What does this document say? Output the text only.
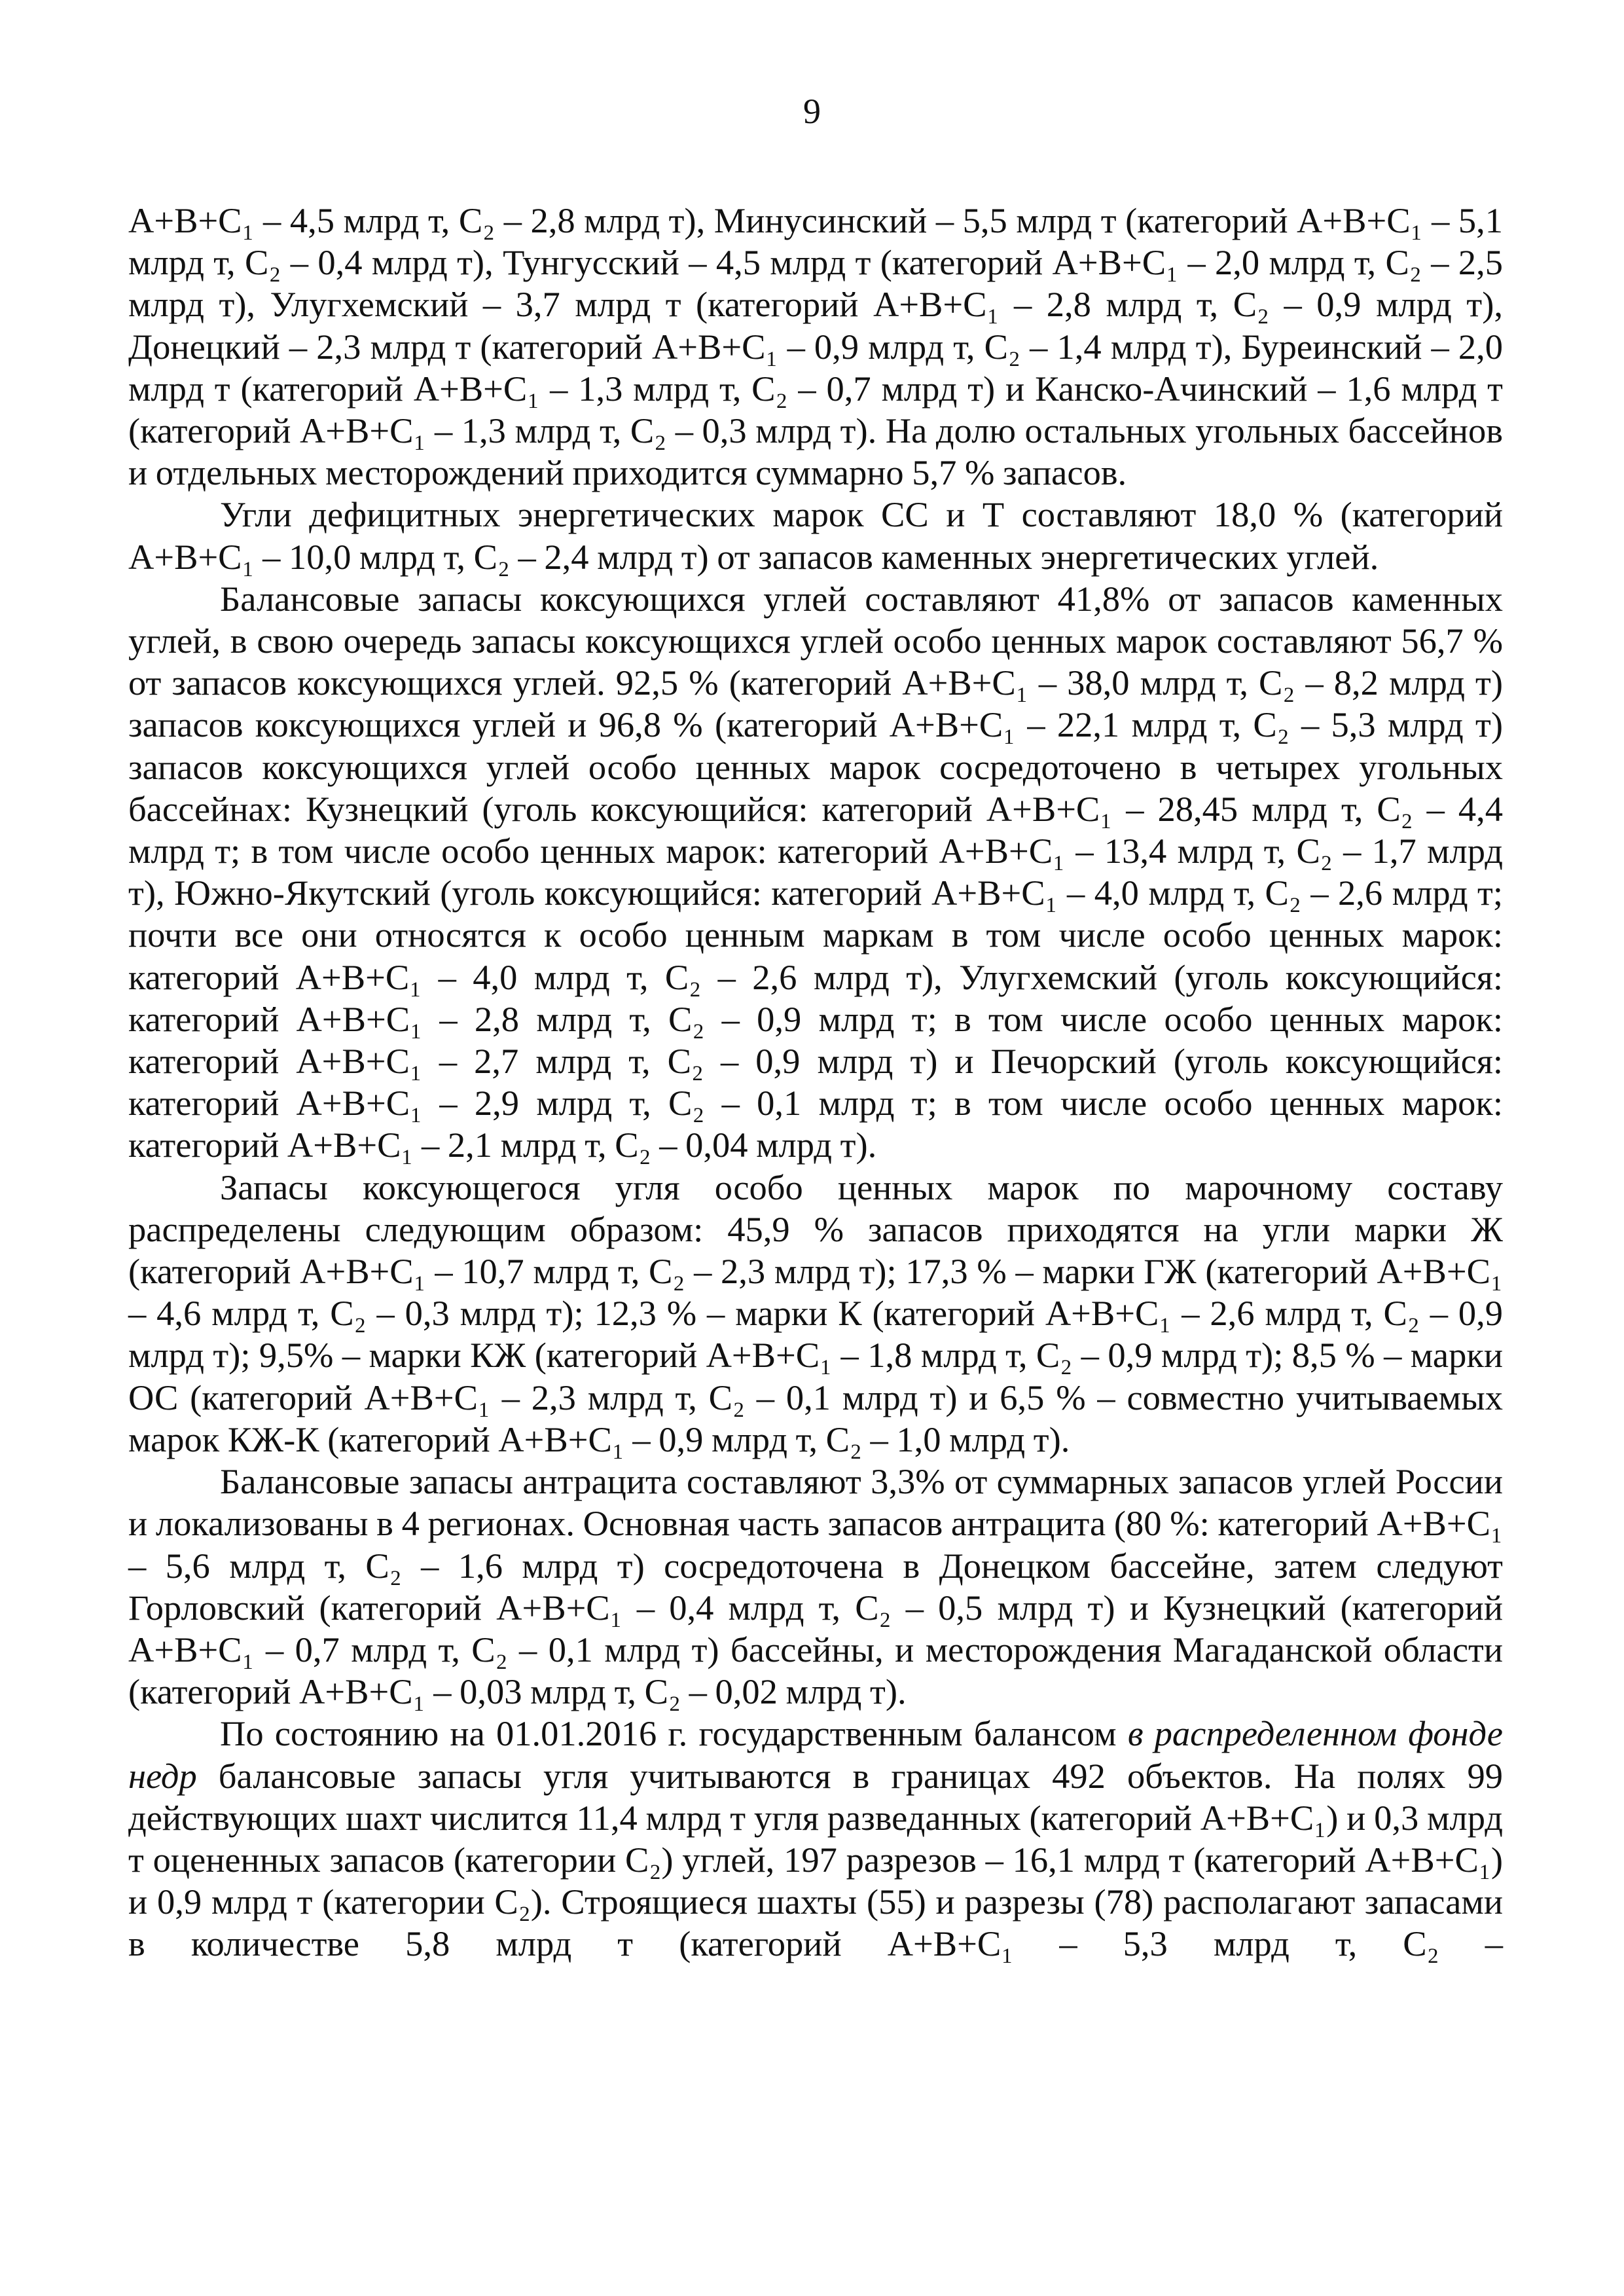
9

А+В+С₁ – 4,5 млрд т, С₂ – 2,8 млрд т), Минусинский – 5,5 млрд т (категорий А+В+С₁ – 5,1 млрд т, С₂ – 0,4 млрд т), Тунгусский – 4,5 млрд т (категорий А+В+С₁ – 2,0 млрд т, С₂ – 2,5 млрд т), Улугхемский – 3,7 млрд т (категорий А+В+С₁ – 2,8 млрд т, С₂ – 0,9 млрд т), Донецкий – 2,3 млрд т (категорий А+В+С₁ – 0,9 млрд т, С₂ – 1,4 млрд т), Буреинский – 2,0 млрд т (категорий А+В+С₁ – 1,3 млрд т, С₂ – 0,7 млрд т) и Канско-Ачинский – 1,6 млрд т (категорий А+В+С₁ – 1,3 млрд т, С₂ – 0,3 млрд т). На долю остальных угольных бассейнов и отдельных месторождений приходится суммарно 5,7 % запасов.

Угли дефицитных энергетических марок СС и Т составляют 18,0 % (категорий А+В+С₁ – 10,0 млрд т, С₂ – 2,4 млрд т) от запасов каменных энергетических углей.

Балансовые запасы коксующихся углей составляют 41,8% от запасов каменных углей, в свою очередь запасы коксующихся углей особо ценных марок составляют 56,7 % от запасов коксующихся углей. 92,5 % (категорий А+В+С₁ – 38,0 млрд т, С₂ – 8,2 млрд т) запасов коксующихся углей и 96,8 % (категорий А+В+С₁ – 22,1 млрд т, С₂ – 5,3 млрд т) запасов коксующихся углей особо ценных марок сосредоточено в четырех угольных бассейнах: Кузнецкий (уголь коксующийся: категорий А+В+С₁ – 28,45 млрд т, С₂ – 4,4 млрд т; в том числе особо ценных марок: категорий А+В+С₁ – 13,4 млрд т, С₂ – 1,7 млрд т), Южно-Якутский (уголь коксующийся: категорий А+В+С₁ – 4,0 млрд т, С₂ – 2,6 млрд т; почти все они относятся к особо ценным маркам в том числе особо ценных марок: категорий А+В+С₁ – 4,0 млрд т, С₂ – 2,6 млрд т), Улугхемский (уголь коксующийся: категорий А+В+С₁ – 2,8 млрд т, С₂ – 0,9 млрд т; в том числе особо ценных марок: категорий А+В+С₁ – 2,7 млрд т, С₂ – 0,9 млрд т) и Печорский (уголь коксующийся: категорий А+В+С₁ – 2,9 млрд т, С₂ – 0,1 млрд т; в том числе особо ценных марок: категорий А+В+С₁ – 2,1 млрд т, С₂ – 0,04 млрд т).

Запасы коксующегося угля особо ценных марок по марочному составу распределены следующим образом: 45,9 % запасов приходятся на угли марки Ж (категорий А+В+С₁ – 10,7 млрд т, С₂ – 2,3 млрд т); 17,3 % – марки ГЖ (категорий А+В+С₁ – 4,6 млрд т, С₂ – 0,3 млрд т); 12,3 % – марки К (категорий А+В+С₁ – 2,6 млрд т, С₂ – 0,9 млрд т); 9,5% – марки КЖ (категорий А+В+С₁ – 1,8 млрд т, С₂ – 0,9 млрд т); 8,5 % – марки ОС (категорий А+В+С₁ – 2,3 млрд т, С₂ – 0,1 млрд т) и 6,5 % – совместно учитываемых марок КЖ-К (категорий А+В+С₁ – 0,9 млрд т, С₂ – 1,0 млрд т).

Балансовые запасы антрацита составляют 3,3% от суммарных запасов углей России и локализованы в 4 регионах. Основная часть запасов антрацита (80 %: категорий А+В+С₁ – 5,6 млрд т, С₂ – 1,6 млрд т) сосредоточена в Донецком бассейне, затем следуют Горловский (категорий А+В+С₁ – 0,4 млрд т, С₂ – 0,5 млрд т) и Кузнецкий (категорий А+В+С₁ – 0,7 млрд т, С₂ – 0,1 млрд т) бассейны, и месторождения Магаданской области (категорий А+В+С₁ – 0,03 млрд т, С₂ – 0,02 млрд т).

По состоянию на 01.01.2016 г. государственным балансом в распределенном фонде недр балансовые запасы угля учитываются в границах 492 объектов. На полях 99 действующих шахт числится 11,4 млрд т угля разведанных (категорий А+В+С₁) и 0,3 млрд т оцененных запасов (категории С₂) углей, 197 разрезов – 16,1 млрд т (категорий А+В+С₁) и 0,9 млрд т (категории С₂). Строящиеся шахты (55) и разрезы (78) располагают запасами в количестве 5,8 млрд т (категорий А+В+С₁ – 5,3 млрд т, С₂ –
